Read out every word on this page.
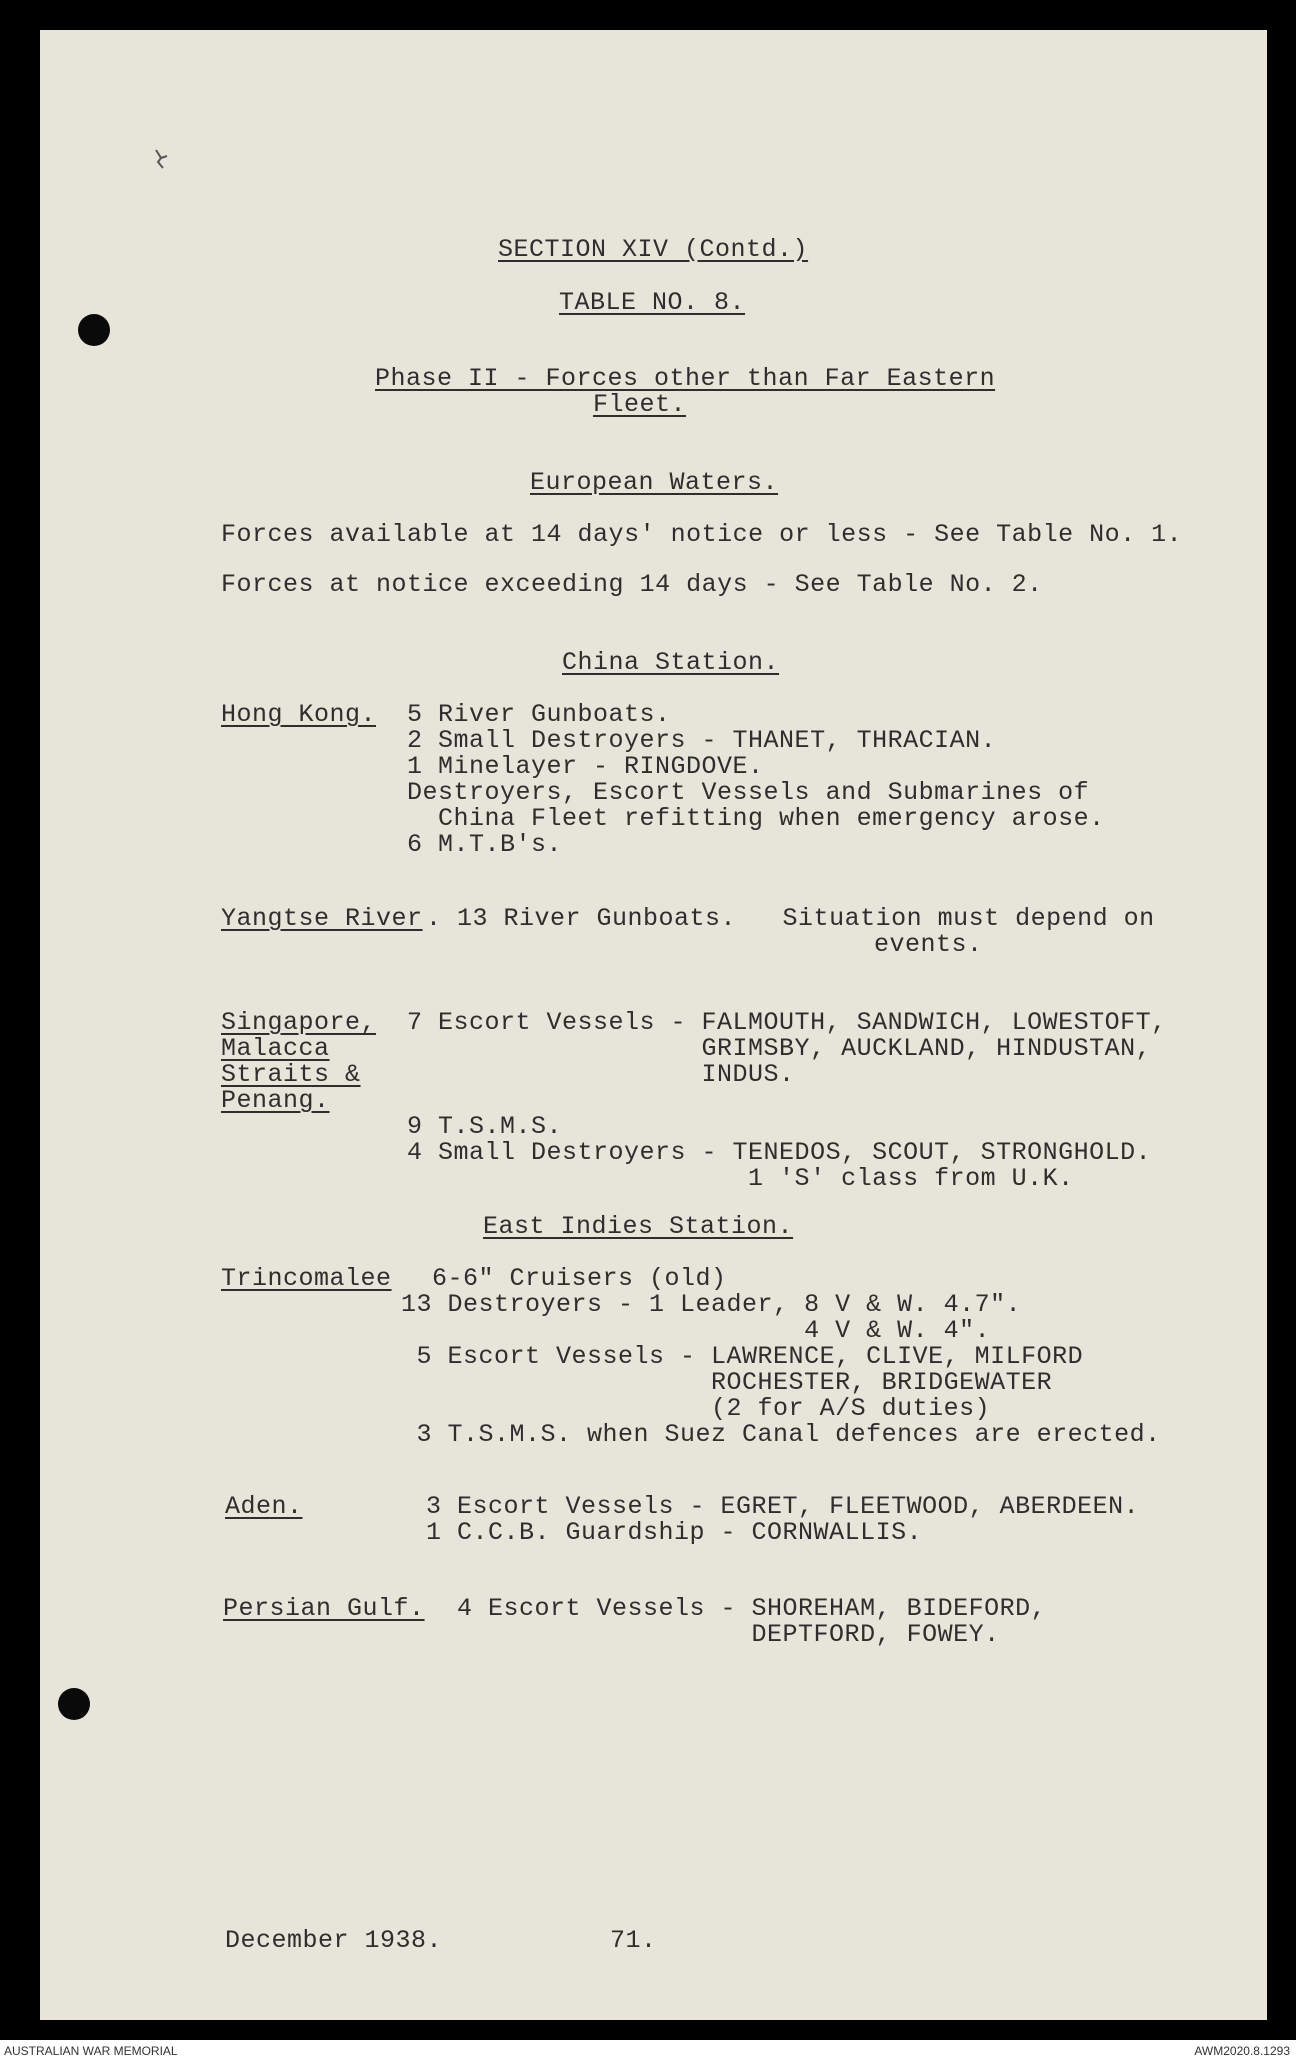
SECTION XIV (Contd.)
TABLE NO. 8.
Phase II - Forces other than Far Eastern
Fleet.
European Waters.
Forces available at 14 days' notice or less - See Table No. 1.
Forces at notice exceeding 14 days - See Table No. 2.
China Station.
Hong Kong. 5 River Gunboats.
2 Small Destroyers - THANET, THRACIAN.
1 Minelayer - RINGDOVE.
Destroyers, Escort Vessels and Submarines of
China Fleet refitting when emergency arose.
6 M.T.B's.
Yangtse River . 13 River Gunboats.   Situation must depend on
events.
Singapore,
Malacca
Straits &
Penang.
7 Escort Vessels - FALMOUTH, SANDWICH, LOWESTOFT,
GRIMSBY, AUCKLAND, HINDUSTAN,
INDUS.
9 T.S.M.S.
4 Small Destroyers - TENEDOS, SCOUT, STRONGHOLD.
1 'S' class from U.K.
East Indies Station.
Trincomalee 6-6" Cruisers (old)
13 Destroyers - 1 Leader, 8 V & W. 4.7".
4 V & W. 4".
5 Escort Vessels - LAWRENCE, CLIVE, MILFORD
ROCHESTER, BRIDGEWATER
(2 for A/S duties)
3 T.S.M.S. when Suez Canal defences are erected.
Aden.	3 Escort Vessels - EGRET, FLEETWOOD, ABERDEEN.
1 C.C.B. Guardship - CORNWALLIS.
Persian Gulf. 4 Escort Vessels - SHOREHAM, BIDEFORD,
DEPTFORD, FOWEY.
December 1938.	71.
AUSTRALIAN WAR MEMORIAL	AWM2020.8.1293
